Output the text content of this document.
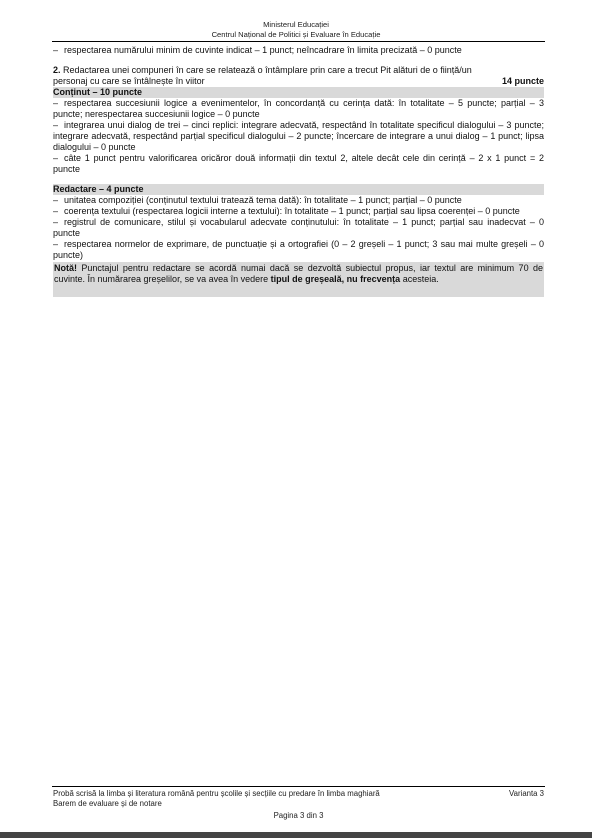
Ministerul Educației
Centrul Național de Politici și Evaluare în Educație
– respectarea numărului minim de cuvinte indicat – 1 punct; neîncadrare în limita precizată – 0 puncte
2. Redactarea unei compuneri în care se relatează o întâmplare prin care a trecut Pit alături de o ființă/un
personaj cu care se întâlnește în viitor	14 puncte
Conținut – 10 puncte
– respectarea succesiunii logice a evenimentelor, în concordanță cu cerința dată: în totalitate – 5 puncte; parțial – 3 puncte; nerespectarea succesiunii logice – 0 puncte
– integrarea unui dialog de trei – cinci replici: integrare adecvată, respectând în totalitate specificul dialogului – 3 puncte; integrare adecvată, respectând parțial specificul dialogului – 2 puncte; încercare de integrare a unui dialog – 1 punct; lipsa dialogului – 0 puncte
– câte 1 punct pentru valorificarea oricăror două informații din textul 2, altele decât cele din cerință – 2 x 1 punct = 2 puncte
Redactare – 4 puncte
– unitatea compoziției (conținutul textului tratează tema dată): în totalitate – 1 punct; parțial – 0 puncte
– coerența textului (respectarea logicii interne a textului): în totalitate – 1 punct; parțial sau lipsa coerenței – 0 puncte
– registrul de comunicare, stilul și vocabularul adecvate conținutului: în totalitate – 1 punct; parțial sau inadecvat – 0 puncte
– respectarea normelor de exprimare, de punctuație și a ortografiei (0 – 2 greșeli – 1 punct; 3 sau mai multe greșeli – 0 puncte)
Notă! Punctajul pentru redactare se acordă numai dacă se dezvoltă subiectul propus, iar textul are minimum 70 de cuvinte. În numărarea greșelilor, se va avea în vedere tipul de greșeală, nu frecvența acesteia.
Probă scrisă la limba și literatura română pentru școlile și secțiile cu predare în limba maghiară	Varianta 3
Barem de evaluare și de notare
Pagina 3 din 3
